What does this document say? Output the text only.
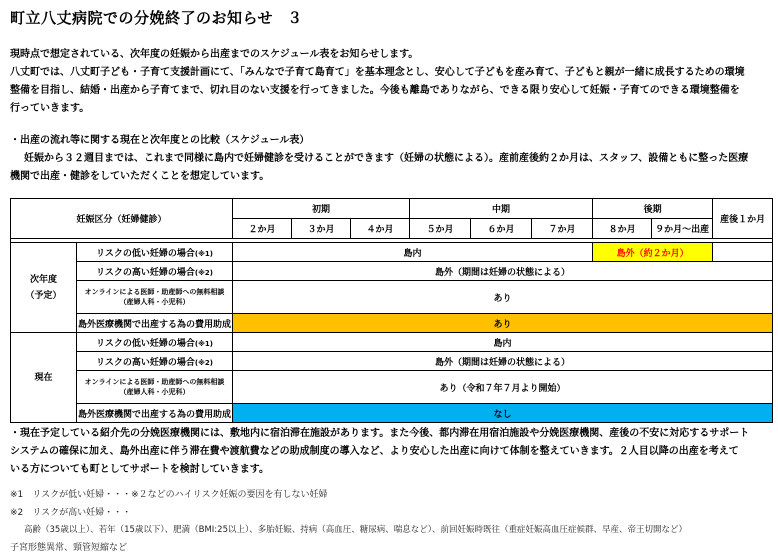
町立八丈病院での分娩終了のお知らせ ３
現時点で想定されている、次年度の妊娠から出産までのスケジュール表をお知らせします。
八丈町では、八丈町子ども・子育て支援計画にて、「みんなで子育て島育て」を基本理念とし、安心して子どもを産み育て、子どもと親が一緒に成長するための環境
整備を目指し、結婚・出産から子育てまで、切れ目のない支援を行ってきました。今後も離島でありながら、できる限り安心して妊娠・子育てのできる環境整備を
行っていきます。
・出産の流れ等に関する現在と次年度との比較（スケジュール表）
妊娠から３２週目までは、これまで同様に島内で妊婦健診を受けることができます（妊婦の状態による）。産前産後約２か月は、スタッフ、設備ともに整った医療
機関で出産・健診をしていただくことを想定しています。
妊娠区分（妊婦健診）		初期			中期			後期		産後１か月
		２か月	３か月	４か月	５か月	６か月	７か月	８か月	９か月～出産	

次年度
（予定）	リスクの低い妊婦の場合(※1)	島内						島外（約２か月）		
	リスクの高い妊婦の場合(※2)	島外（期間は妊婦の状態による）								

	オンラインによる医師・助産師への無料相談
（産婦人科・小児科）	あり								
	島外医療機関で出産する為の費用助成	あり								
現在	リスクの低い妊婦の場合(※1)	島内								
	リスクの高い妊婦の場合(※2)	島外（期間は妊婦の状態による）								

	オンラインによる医師・助産師への無料相談
（産婦人科・小児科）	あり（令和７年７月より開始）								
	島外医療機関で出産する為の費用助成	なし								
・現在予定している紹介先の分娩医療機関には、敷地内に宿泊滞在施設があります。また今後、都内滞在用宿泊施設や分娩医療機関、産後の不安に対応するサポート
システムの確保に加え、島外出産に伴う滞在費や渡航費などの助成制度の導入など、より安心した出産に向けて体制を整えていきます。２人目以降の出産を考えて
いる方についても町としてサポートを検討していきます。
※1　リスクが低い妊婦・・・※２などのハイリスク妊娠の要因を有しない妊婦
※2　リスクが高い妊婦・・・
高齢（35歳以上）、若年（15歳以下）、肥満（BMI:25以上）、多胎妊娠、持病（高血圧、糖尿病、喘息など）、前回妊娠時既往（重症妊娠高血圧症候群、早産、帝王切開など）
子宮形態異常、頸管短縮など
